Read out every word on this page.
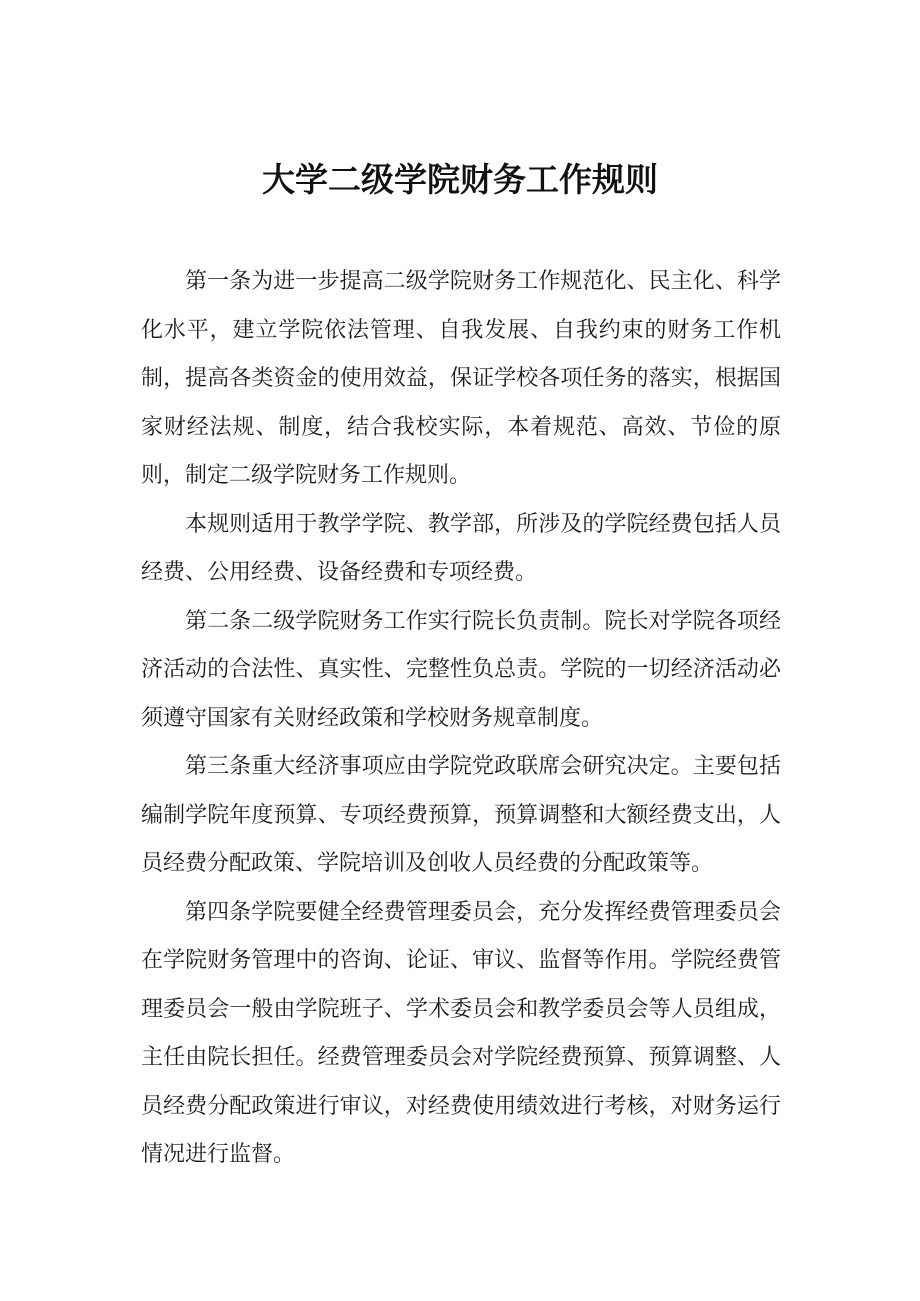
大学二级学院财务工作规则

第一条为进一步提高二级学院财务工作规范化、民主化、科学化水平，建立学院依法管理、自我发展、自我约束的财务工作机制，提高各类资金的使用效益，保证学校各项任务的落实，根据国家财经法规、制度，结合我校实际，本着规范、高效、节俭的原则，制定二级学院财务工作规则。

本规则适用于教学学院、教学部，所涉及的学院经费包括人员经费、公用经费、设备经费和专项经费。

第二条二级学院财务工作实行院长负责制。院长对学院各项经济活动的合法性、真实性、完整性负总责。学院的一切经济活动必须遵守国家有关财经政策和学校财务规章制度。

第三条重大经济事项应由学院党政联席会研究决定。主要包括编制学院年度预算、专项经费预算，预算调整和大额经费支出，人员经费分配政策、学院培训及创收人员经费的分配政策等。

第四条学院要健全经费管理委员会，充分发挥经费管理委员会在学院财务管理中的咨询、论证、审议、监督等作用。学院经费管理委员会一般由学院班子、学术委员会和教学委员会等人员组成，主任由院长担任。经费管理委员会对学院经费预算、预算调整、人员经费分配政策进行审议，对经费使用绩效进行考核，对财务运行情况进行监督。
